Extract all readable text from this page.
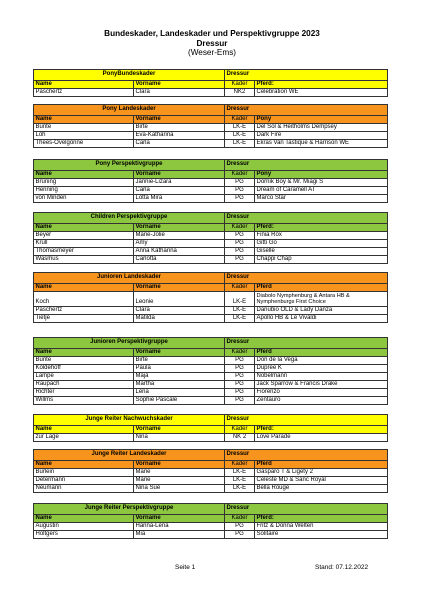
Bundeskader, Landeskader und Perspektivgruppe 2023
Dressur
(Weser-Ems)
PonyBundeskader		Dressur	
Name	Vorname	Kader	Pferd:
Paschertz	Clara	NK2	Celebration WE
Pony Landeskader		Dressur	
Name	Vorname	Kader	Pony
Bunte	Birte	LK-E	Del Sol & Heitholms Dempsey
Löh	Eva-Katharina	LK-E	Dark Fire
Thees-Ovelgönne	Carla	LK-E	Ekras Van Tastique & Harrison WE
Pony Perspektivgruppe		Dressur	
Name	Vorname	Kader	Pony
Brüning	Jannie-Lizara	PG	Dornik Boy & Mr. Miagi S
Henning	Carla	PG	Dream of Caramell AT
von Minden	Lotta Mira	PG	Marco Star
Children Perspektivgruppe		Dressur	
Name	Vorname	Kader	Pferd:
Beyer	Marie-Jolie	PG	Finia Rox
Krull	Amy	PG	Gitti Go
Thomasmeyer	Anna Katharina	PG	Giselle
Wasmus	Carlotta	PG	Chappi Chap
Junioren Landeskader		Dressur	
Name	Vorname	Kader	Pferd
Koch	Leonie	LK-E	Diabolo Nymphenburg & Antara HB & Nymphenburgs First Choice
Paschertz	Clara	LK-E	Danubio OLD & Lady Danza
Tietje	Matilda	LK-E	Apollo HB & Le Vivaldi
Junioren Perspektivgruppe		Dressur	
Name	Vorname	Kader	Pferd
Bunte	Birte	PG	Don de la Vega
Koldehoff	Paula	PG	Dupree K
Lampe	Maja	PG	Nobelmann
Raupach	Martha	PG	Jack Sparrow & Francis Drake
Richter	Lena	PG	Fiorenzo
Willms	Sophie Pascale	PG	Zentauro
Junge Reiter Nachwuchskader		Dressur	
Name	Vorname	Kader	Pferd:
zur Lage	Nina	NK 2	Love Parade
Junge Reiter Landeskader		Dressur	
Name	Vorname	Kader	Pferd
Burlein	Marie	LK-E	Gasparo T & Ligety 2
Determann	Marie	LK-E	Celeste MD & Sanc Royal
Neumann	Nina Sue	LK-E	Bella Rouge
Junge Reiter Perspektivgruppe		Dressur	
Name	Vorname	Kader	Pferd:
Augustin	Hanna-Lena	PG	Fritz & Donna Welten
Holtgers	Mia	PG	Solitaire
Seite 1	Stand: 07.12.2022
